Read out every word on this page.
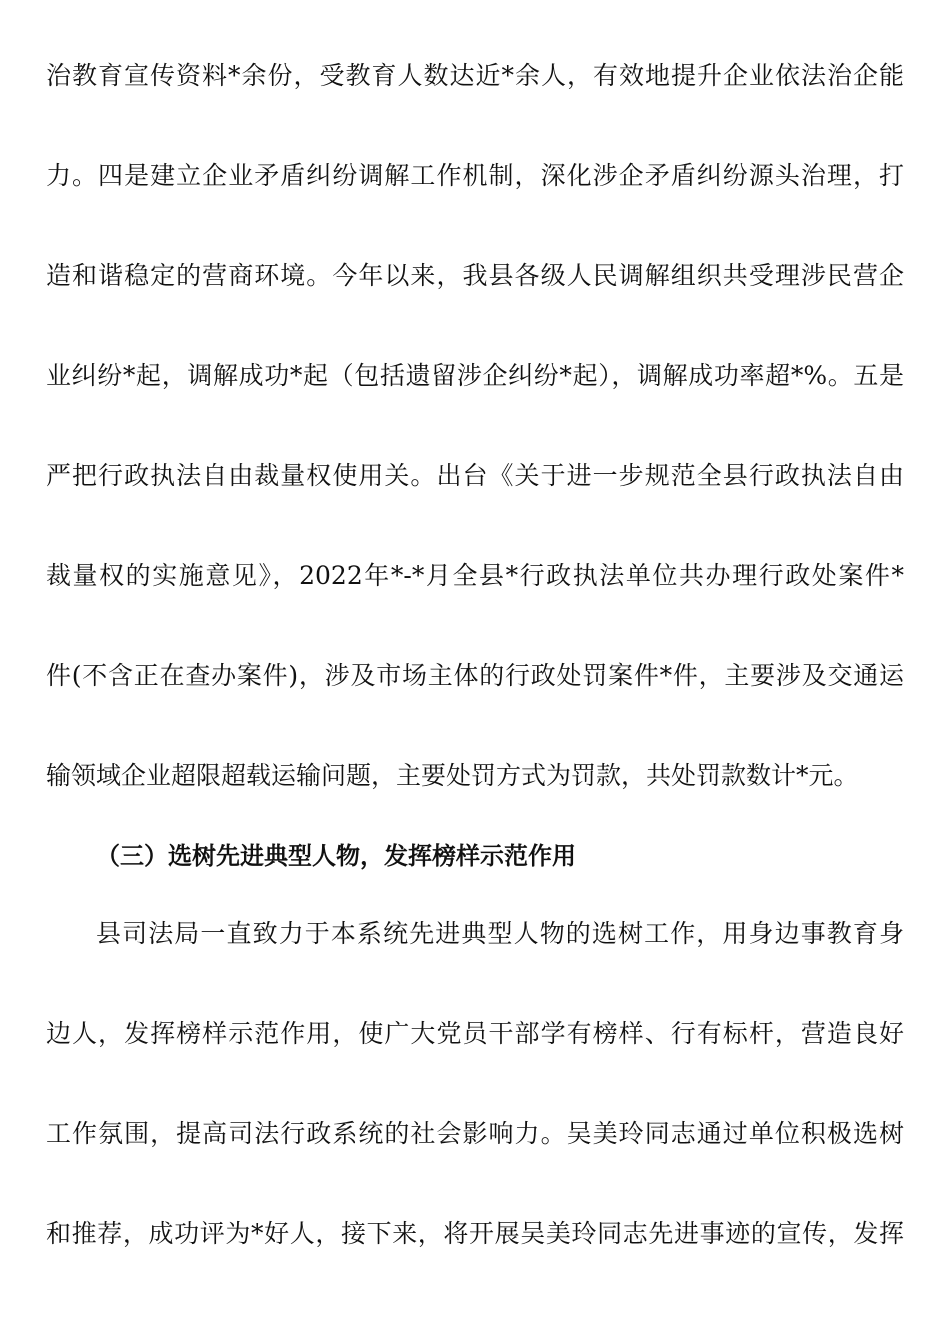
治教育宣传资料*余份，受教育人数达近*余人，有效地提升企业依法治企能
力。四是建立企业矛盾纠纷调解工作机制，深化涉企矛盾纠纷源头治理，打
造和谐稳定的营商环境。今年以来，我县各级人民调解组织共受理涉民营企
业纠纷*起，调解成功*起（包括遗留涉企纠纷*起），调解成功率超*%。五是
严把行政执法自由裁量权使用关。出台《关于进一步规范全县行政执法自由
裁量权的实施意见》，2022年*-*月全县*行政执法单位共办理行政处案件*
件(不含正在查办案件)，涉及市场主体的行政处罚案件*件，主要涉及交通运
输领域企业超限超载运输问题，主要处罚方式为罚款，共处罚款数计*元。
（三）选树先进典型人物，发挥榜样示范作用
县司法局一直致力于本系统先进典型人物的选树工作，用身边事教育身
边人，发挥榜样示范作用，使广大党员干部学有榜样、行有标杆，营造良好
工作氛围，提高司法行政系统的社会影响力。吴美玲同志通过单位积极选树
和推荐，成功评为*好人，接下来，将开展吴美玲同志先进事迹的宣传，发挥
